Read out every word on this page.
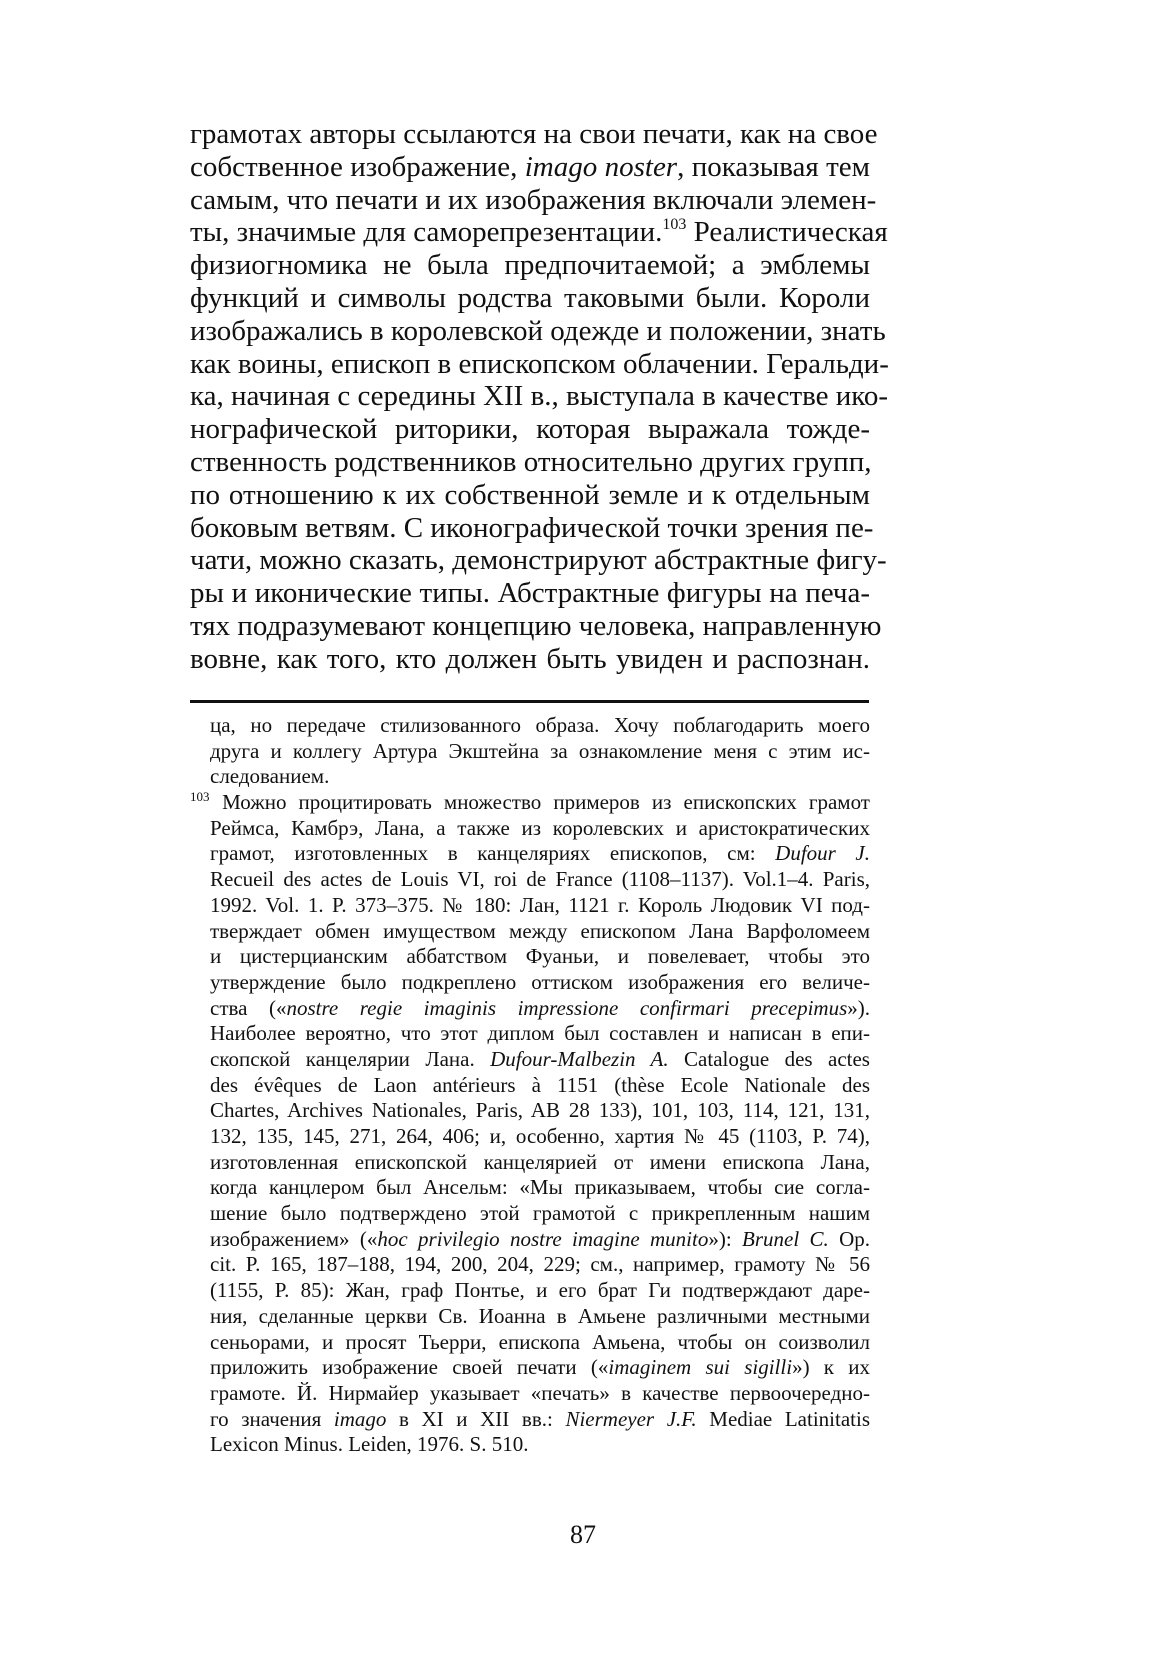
грамотах авторы ссылаются на свои печати, как на свое
собственное изображение, imago noster, показывая тем
самым, что печати и их изображения включали элемен-
ты, значимые для саморепрезентации.$^{103}$ Реалистическая
физиогномика не была предпочитаемой; а эмблемы
функций и символы родства таковыми были. Короли
изображались в королевской одежде и положении, знать
как воины, епископ в епископском облачении. Геральди-
ка, начиная с середины XII в., выступала в качестве ико-
нографической риторики, которая выражала тожде-
ственность родственников относительно других групп,
по отношению к их собственной земле и к отдельным
боковым ветвям. С иконографической точки зрения пе-
чати, можно сказать, демонстрируют абстрактные фигу-
ры и иконические типы. Абстрактные фигуры на печа-
тях подразумевают концепцию человека, направленную
вовне, как того, кто должен быть увиден и распознан.
ца, но передаче стилизованного образа. Хочу поблагодарить моего
друга и коллегу Артура Экштейна за ознакомление меня с этим ис-
следованием.
103 Можно процитировать множество примеров из епископских грамот
Реймса, Камбрэ, Лана, а также из королевских и аристократических
грамот, изготовленных в канцеляриях епископов, см: Dufour J.
Recueil des actes de Louis VI, roi de France (1108–1137). Vol.1–4. Paris,
1992. Vol. 1. P. 373–375. № 180: Лан, 1121 г. Король Людовик VI под-
тверждает обмен имуществом между епископом Лана Варфоломеем
и цистерцианским аббатством Фуаньи, и повелевает, чтобы это
утверждение было подкреплено оттиском изображения его величе-
ства («nostre regie imaginis impressione confirmari precepimus»).
Наиболее вероятно, что этот диплом был составлен и написан в епи-
скопской канцелярии Лана. Dufour-Malbezin A. Catalogue des actes
des évêques de Laon antérieurs à 1151 (thèse Ecole Nationale des
Chartes, Archives Nationales, Paris, AB 28 133), 101, 103, 114, 121, 131,
132, 135, 145, 271, 264, 406; и, особенно, хартия № 45 (1103, P. 74),
изготовленная епископской канцелярией от имени епископа Лана,
когда канцлером был Ансельм: «Мы приказываем, чтобы сие согла-
шение было подтверждено этой грамотой с прикрепленным нашим
изображением» («hoc privilegio nostre imagine munito»): Brunel C. Op.
cit. P. 165, 187–188, 194, 200, 204, 229; см., например, грамоту № 56
(1155, P. 85): Жан, граф Понтье, и его брат Ги подтверждают даре-
ния, сделанные церкви Св. Иоанна в Амьене различными местными
сеньорами, и просят Тьерри, епископа Амьена, чтобы он соизволил
приложить изображение своей печати («imaginem sui sigilli») к их
грамоте. Й. Нирмайер указывает «печать» в качестве первоочередно-
го значения imago в XI и XII вв.: Niermeyer J.F. Mediae Latinitatis
Lexicon Minus. Leiden, 1976. S. 510.
87
